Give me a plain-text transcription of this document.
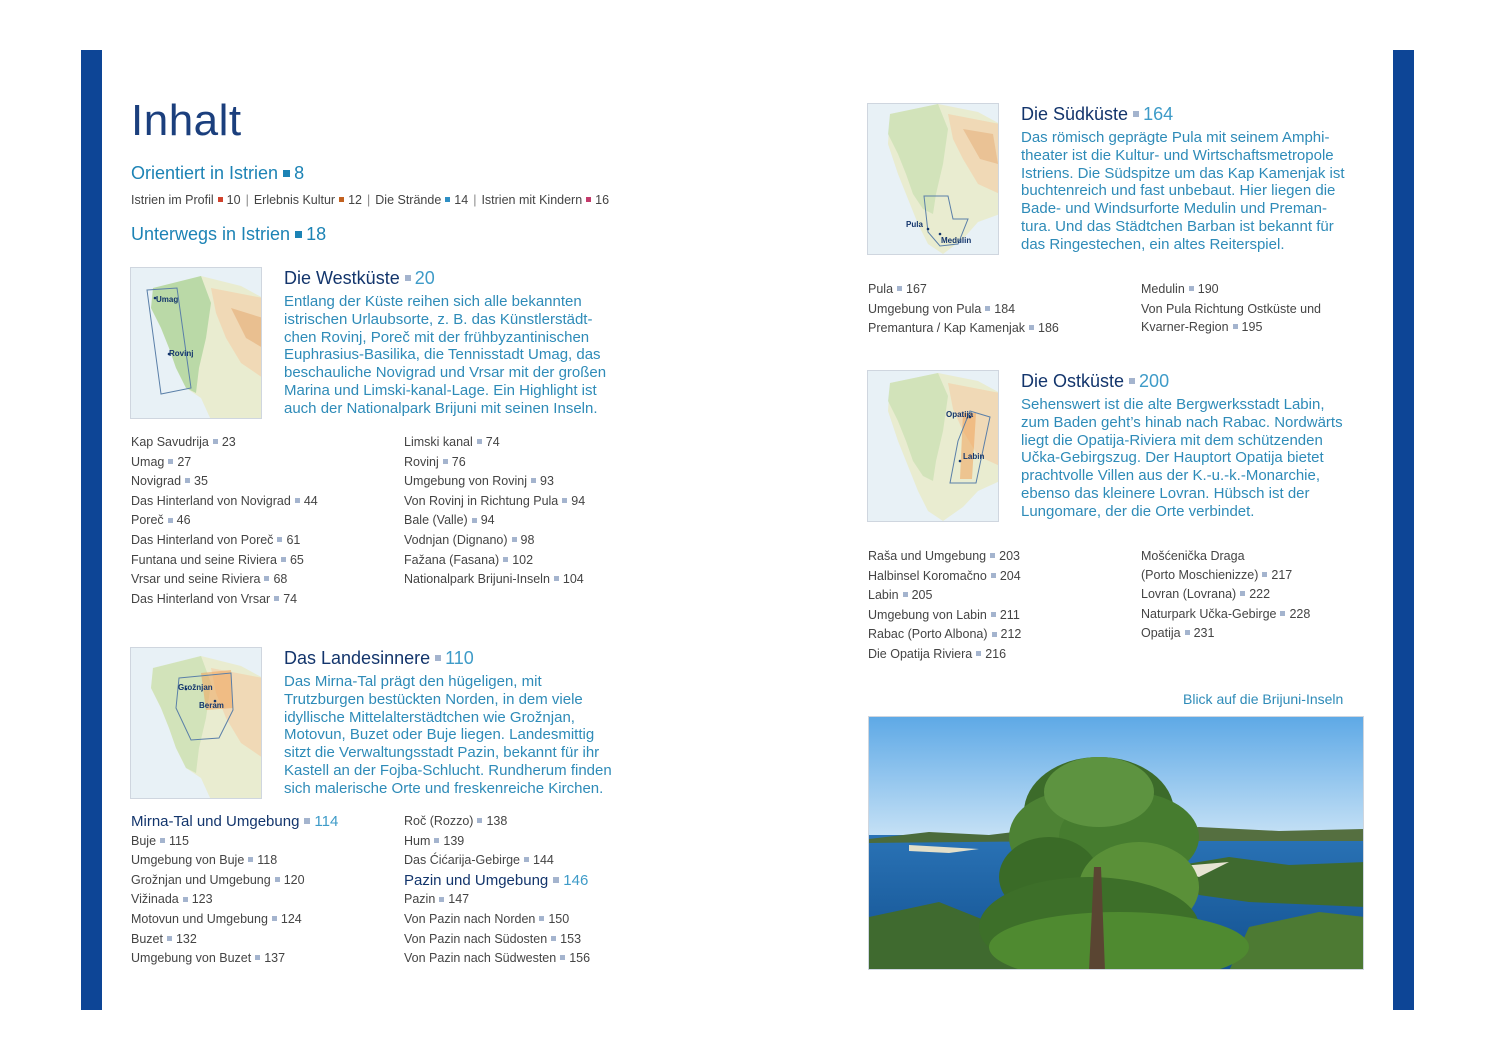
Inhalt
Orientiert in Istrien 8
Istrien im Profil 10 | Erlebnis Kultur 12 | Die Strände 14 | Istrien mit Kindern 16
Unterwegs in Istrien 18
Umag
Rovinj
Die Westküste 20
Entlang der Küste reihen sich alle bekannten
istrischen Urlaubsorte, z. B. das Künstlerstädt-
chen Rovinj, Poreč mit der frühbyzantinischen
Euphrasius-Basilika, die Tennisstadt Umag, das
beschauliche Novigrad und Vrsar mit der großen
Marina und Limski-kanal-Lage. Ein Highlight ist
auch der Nationalpark Brijuni mit seinen Inseln.
Kap Savudrija 23
Umag 27
Novigrad 35
Das Hinterland von Novigrad 44
Poreč 46
Das Hinterland von Poreč 61
Funtana und seine Riviera 65
Vrsar und seine Riviera 68
Das Hinterland von Vrsar 74
Limski kanal 74
Rovinj 76
Umgebung von Rovinj 93
Von Rovinj in Richtung Pula 94
Bale (Valle) 94
Vodnjan (Dignano) 98
Fažana (Fasana) 102
Nationalpark Brijuni-Inseln 104
Grožnjan
Beram
Das Landesinnere 110
Das Mirna-Tal prägt den hügeligen, mit
Trutzburgen bestückten Norden, in dem viele
idyllische Mittelalterstädtchen wie Grožnjan,
Motovun, Buzet oder Buje liegen. Landesmittig
sitzt die Verwaltungsstadt Pazin, bekannt für ihr
Kastell an der Fojba-Schlucht. Rundherum finden
sich malerische Orte und freskenreiche Kirchen.
Mirna-Tal und Umgebung 114
Buje 115
Umgebung von Buje 118
Grožnjan und Umgebung 120
Vižinada 123
Motovun und Umgebung 124
Buzet 132
Umgebung von Buzet 137
Roč (Rozzo) 138
Hum 139
Das Ćićarija-Gebirge 144
Pazin und Umgebung 146
Pazin 147
Von Pazin nach Norden 150
Von Pazin nach Südosten 153
Von Pazin nach Südwesten 156
Pula
Medulin
Die Südküste 164
Das römisch geprägte Pula mit seinem Amphi-
theater ist die Kultur- und Wirtschaftsmetropole
Istriens. Die Südspitze um das Kap Kamenjak ist
buchtenreich und fast unbebaut. Hier liegen die
Bade- und Windsurforte Medulin und Preman-
tura. Und das Städtchen Barban ist bekannt für
das Ringestechen, ein altes Reiterspiel.
Pula 167
Umgebung von Pula 184
Premantura / Kap Kamenjak 186
Medulin 190
Von Pula Richtung Ostküste und
Kvarner-Region 195
Opatija
Labin
Die Ostküste 200
Sehenswert ist die alte Bergwerksstadt Labin,
zum Baden geht’s hinab nach Rabac. Nordwärts
liegt die Opatija-Riviera mit dem schützenden
Učka-Gebirgszug. Der Hauptort Opatija bietet
prachtvolle Villen aus der K.-u.-k.-Monarchie,
ebenso das kleinere Lovran. Hübsch ist der
Lungomare, der die Orte verbindet.
Raša und Umgebung 203
Halbinsel Koromačno 204
Labin 205
Umgebung von Labin 211
Rabac (Porto Albona) 212
Die Opatija Riviera 216
Mošćenička Draga
(Porto Moschienizze) 217
Lovran (Lovrana) 222
Naturpark Učka-Gebirge 228
Opatija 231
Blick auf die Brijuni-Inseln
